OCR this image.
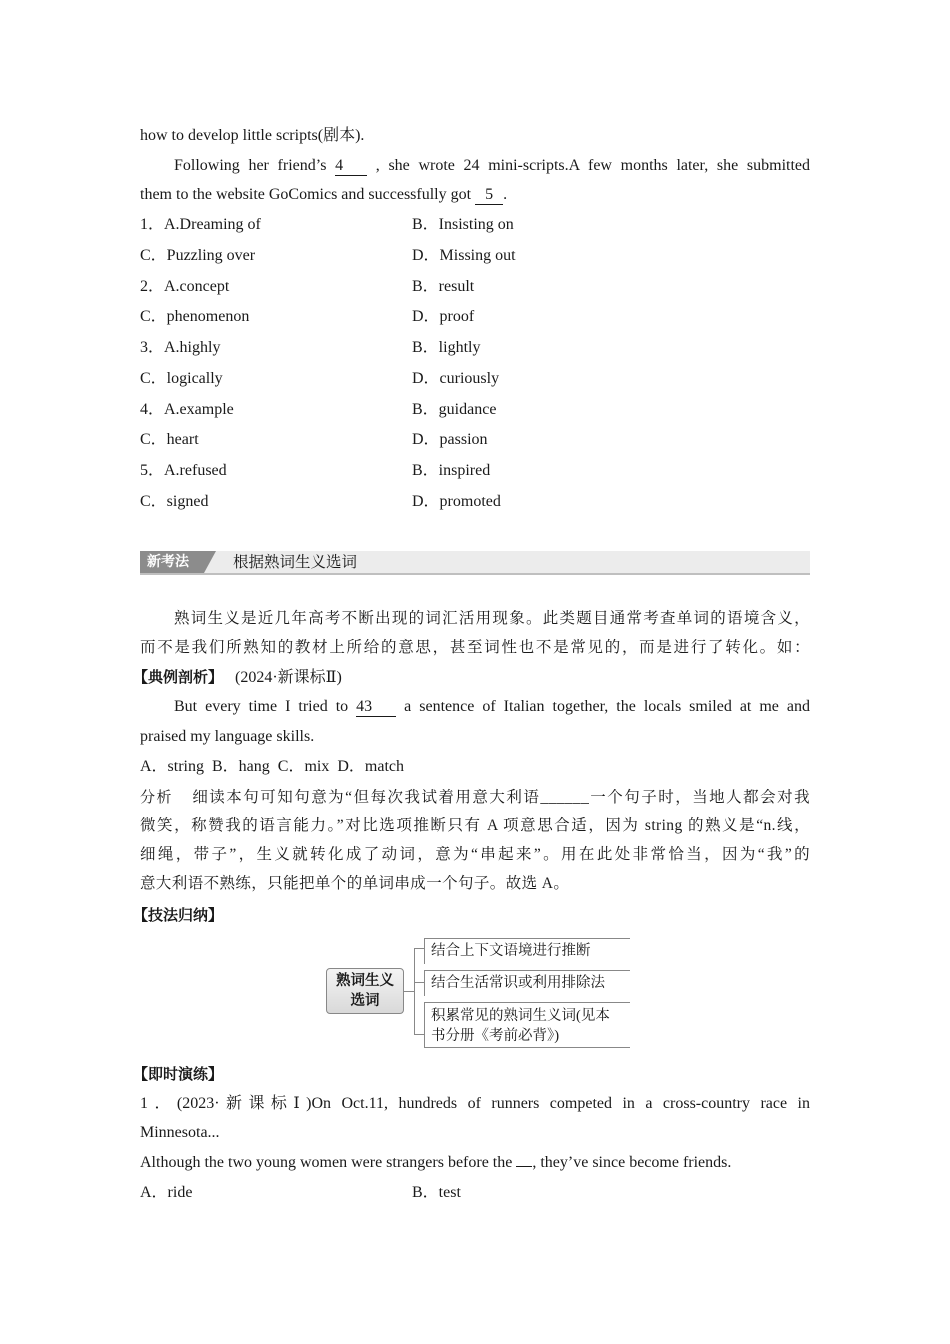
how to develop little scripts(剧本).
Following her friend’s 4 , she wrote 24 mini-scripts.A few months later, she submitted
them to the website GoComics and successfully got 5 .
1．A.Dreaming of	B．Insisting on
C．Puzzling over	D．Missing out
2．A.concept	B．result
C．phenomenon	D．proof
3．A.highly	B．lightly
C．logically	D．curiously
4．A.example	B．guidance
C．heart	D．passion
5．A.refused	B．inspired
C．signed	D．promoted
新考法	根据熟词生义选词
熟词生义是近几年高考不断出现的词汇活用现象。此类题目通常考查单词的语境含义，
而不是我们所熟知的教材上所给的意思，甚至词性也不是常见的，而是进行了转化。如：
【典例剖析】 (2024·新课标Ⅱ)
But every time I tried to 43 a sentence of Italian together, the locals smiled at me and
praised my language skills.
A．string  B．hang  C．mix  D．match
分析 细读本句可知句意为“但每次我试着用意大利语______一个句子时，当地人都会对我
微笑，称赞我的语言能力。”对比选项推断只有 A 项意思合适，因为 string 的熟义是“n.线，
细绳，带子”，生义就转化成了动词，意为“串起来”。用在此处非常恰当，因为“我”的
意大利语不熟练，只能把单个的单词串成一个句子。故选 A。
【技法归纳】
熟词生义
选词
结合上下文语境进行推断
结合生活常识或利用排除法
积累常见的熟词生义词(见本
书分册《考前必背》)
【即时演练】
1．(2023·新课标Ⅰ)On Oct.11, hundreds of runners competed in a cross-country race in
Minnesota...
Although the two young women were strangers before the , they’ve since become friends.
A．ride	B．test
